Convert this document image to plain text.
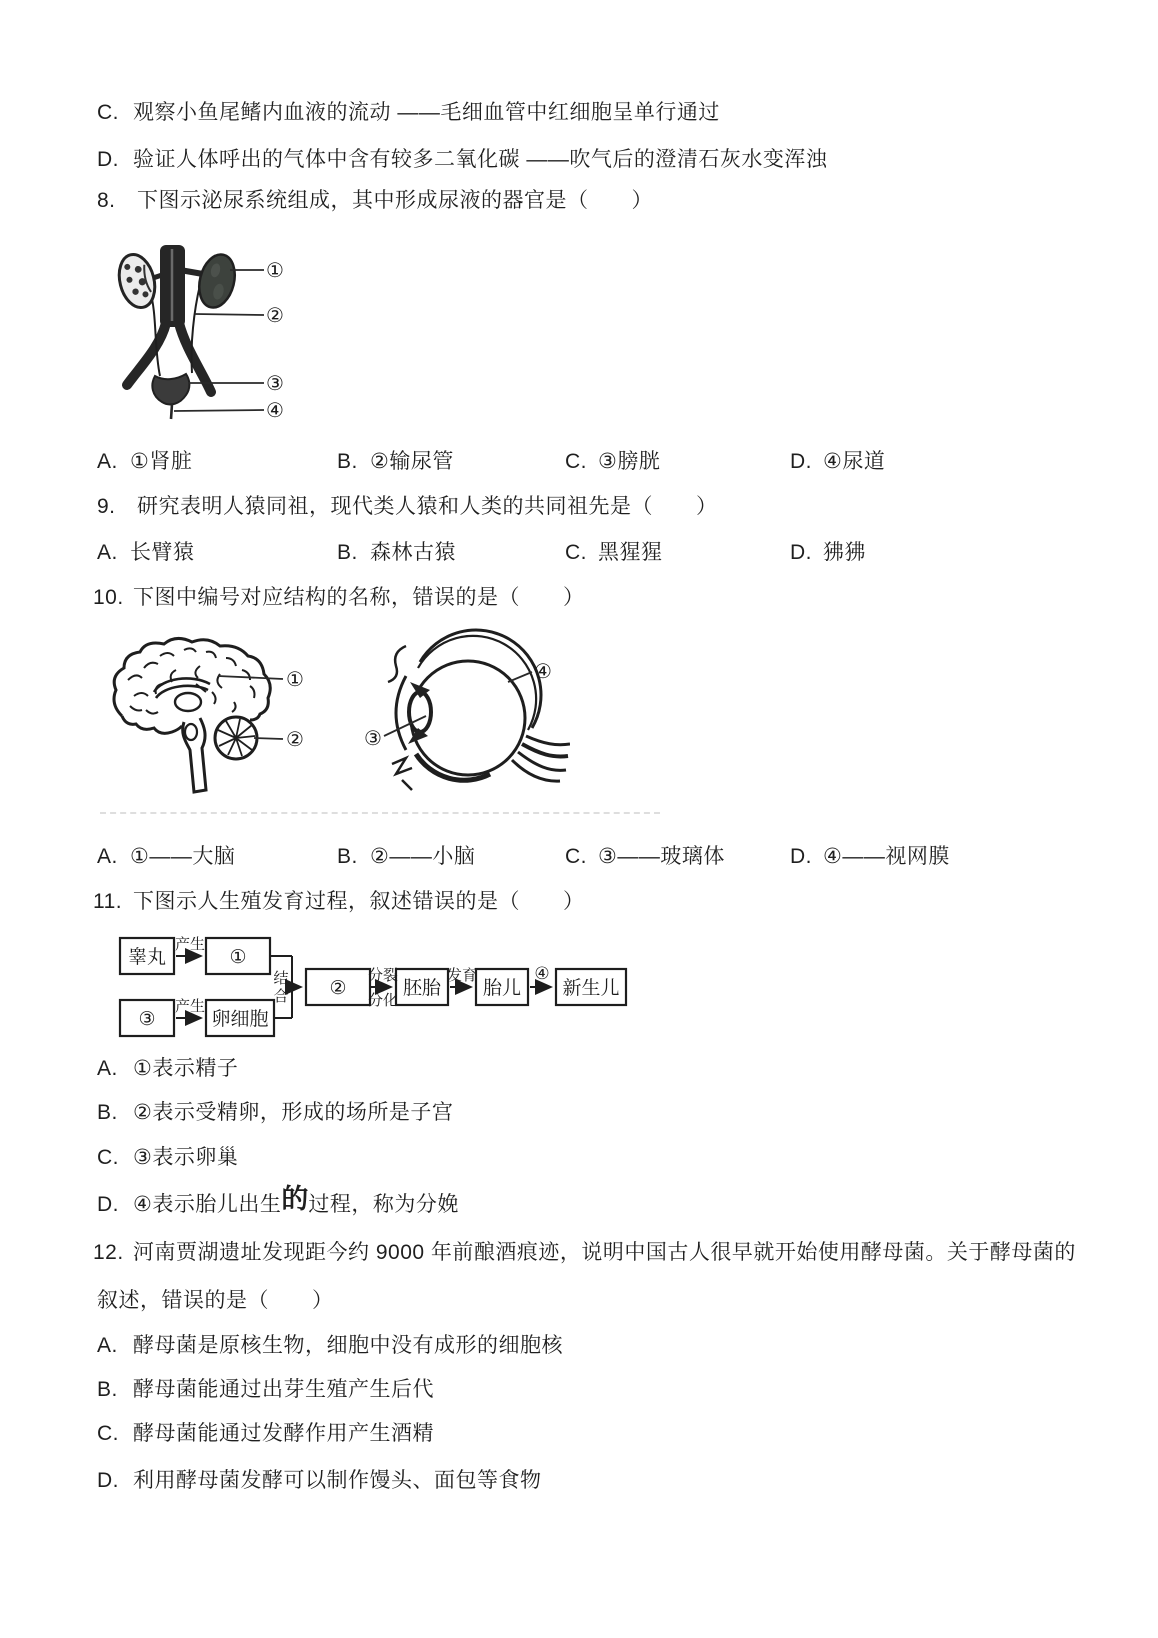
C. 观察小鱼尾鳍内血液的流动 ——毛细血管中红细胞呈单行通过
D. 验证人体呼出的气体中含有较多二氧化碳 ——吹气后的澄清石灰水变浑浊
8. 下图示泌尿系统组成，其中形成尿液的器官是（　　）
①
②
③
④
A. ①肾脏	B. ②输尿管	C. ③膀胱	D. ④尿道
9. 研究表明人猿同祖，现代类人猿和人类的共同祖先是（　　）
A. 长臂猿	B. 森林古猿	C. 黑猩猩	D. 狒狒
10. 下图中编号对应结构的名称，错误的是（　　）
①
②	③
④
A. ①——大脑	B. ②——小脑	C. ③——玻璃体	D. ④——视网膜
11. 下图示人生殖发育过程，叙述错误的是（　　）
睾丸	①
③	卵细胞
②	胚胎 胎儿 新生儿
产生
产生
结
合
分裂
分化
发育	④
A. ①表示精子
B. ②表示受精卵，形成的场所是子宫
C. ③表示卵巢
D. ④表示胎儿出生的过程，称为分娩
12. 河南贾湖遗址发现距今约 9000 年前酿酒痕迹，说明中国古人很早就开始使用酵母菌。关于酵母菌的
叙述，错误的是（　　）
A. 酵母菌是原核生物，细胞中没有成形的细胞核
B. 酵母菌能通过出芽生殖产生后代
C. 酵母菌能通过发酵作用产生酒精
D. 利用酵母菌发酵可以制作馒头、面包等食物
